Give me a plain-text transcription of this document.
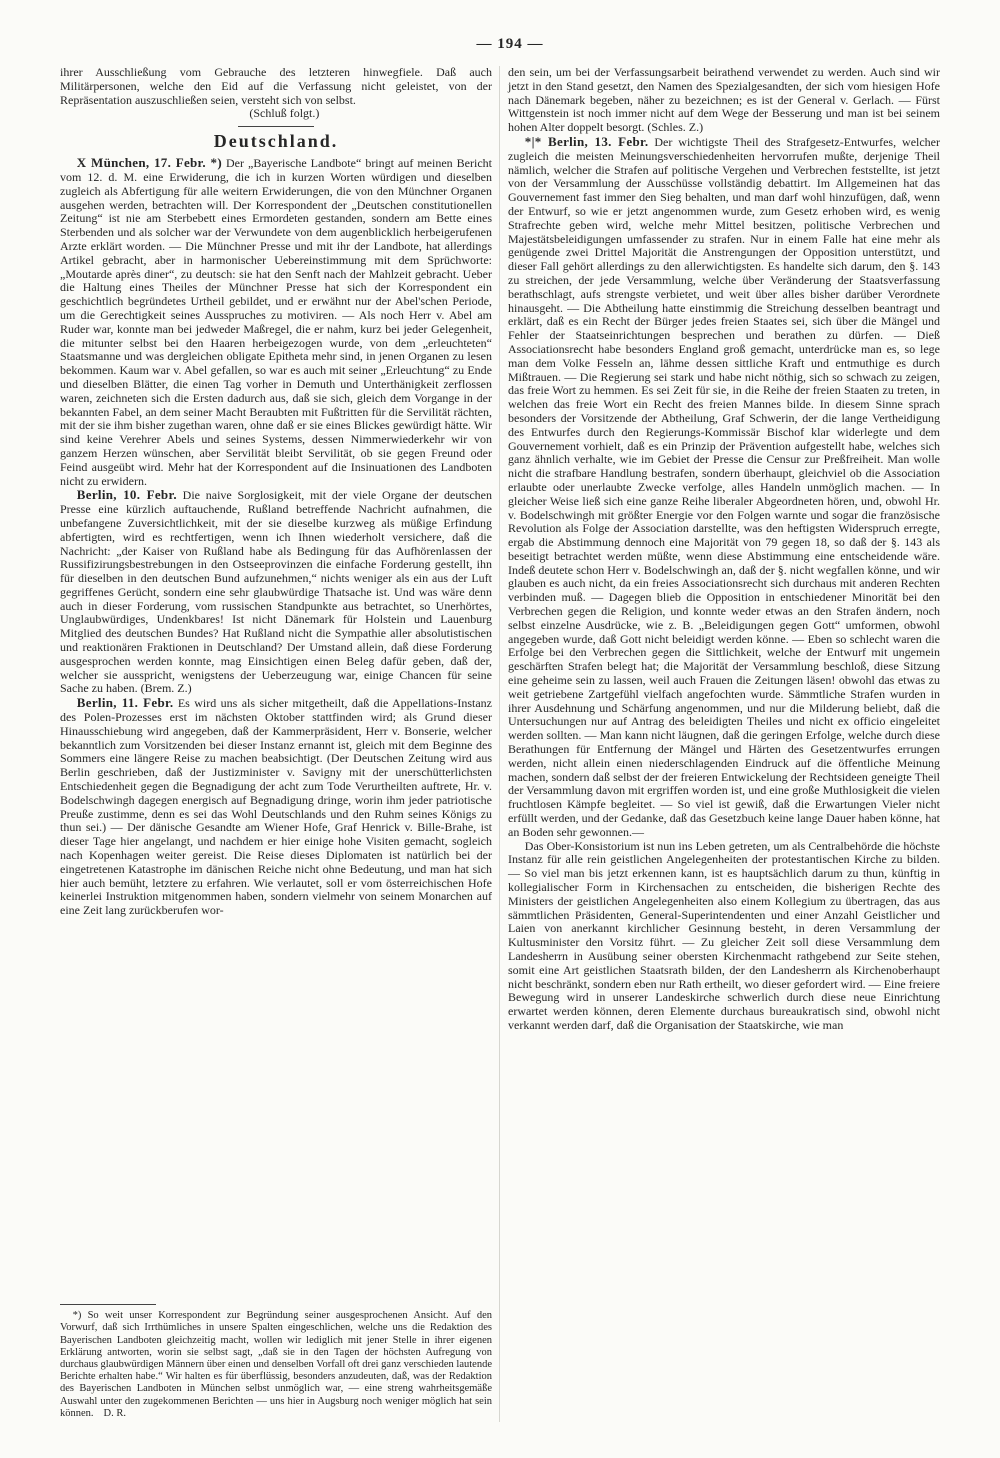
— 194 —

ihrer Ausschließung vom Gebrauche des letzteren hinwegfiele. Daß auch Militärpersonen, welche den Eid auf die Verfassung nicht geleistet, von der Repräsentation auszuschließen seien, versteht sich von selbst.

(Schluß folgt.)

Deutschland.

X München, 17. Febr. *) Der „Bayerische Landbote“ bringt auf meinen Bericht vom 12. d. M. eine Erwiderung, die ich in kurzen Worten würdigen und dieselben zugleich als Abfertigung für alle weitern Erwiderungen, die von den Münchner Organen ausgehen werden, betrachten will. Der Korrespondent der „Deutschen constitutionellen Zeitung“ ist nie am Sterbebett eines Ermordeten gestanden, sondern am Bette eines Sterbenden und als solcher war der Verwundete von dem augenblicklich herbeigerufenen Arzte erklärt worden. — Die Münchner Presse und mit ihr der Landbote, hat allerdings Artikel gebracht, aber in harmonischer Uebereinstimmung mit dem Sprüchworte: „Moutarde après diner“, zu deutsch: sie hat den Senft nach der Mahlzeit gebracht. Ueber die Haltung eines Theiles der Münchner Presse hat sich der Korrespondent ein geschichtlich begründetes Urtheil gebildet, und er erwähnt nur der Abel'schen Periode, um die Gerechtigkeit seines Ausspruches zu motiviren. — Als noch Herr v. Abel am Ruder war, konnte man bei jedweder Maßregel, die er nahm, kurz bei jeder Gelegenheit, die mitunter selbst bei den Haaren herbeigezogen wurde, von dem „erleuchteten“ Staatsmanne und was dergleichen obligate Epitheta mehr sind, in jenen Organen zu lesen bekommen. Kaum war v. Abel gefallen, so war es auch mit seiner „Erleuchtung“ zu Ende und dieselben Blätter, die einen Tag vorher in Demuth und Unterthänigkeit zerflossen waren, zeichneten sich die Ersten dadurch aus, daß sie sich, gleich dem Vorgange in der bekannten Fabel, an dem seiner Macht Beraubten mit Fußtritten für die Servilität rächten, mit der sie ihm bisher zugethan waren, ohne daß er sie eines Blickes gewürdigt hätte. Wir sind keine Verehrer Abels und seines Systems, dessen Nimmerwiederkehr wir von ganzem Herzen wünschen, aber Servilität bleibt Servilität, ob sie gegen Freund oder Feind ausgeübt wird. Mehr hat der Korrespondent auf die Insinuationen des Landboten nicht zu erwidern.

Berlin, 10. Febr. Die naive Sorglosigkeit, mit der viele Organe der deutschen Presse eine kürzlich auftauchende, Rußland betreffende Nachricht aufnahmen, die unbefangene Zuversichtlichkeit, mit der sie dieselbe kurzweg als müßige Erfindung abfertigten, wird es rechtfertigen, wenn ich Ihnen wiederholt versichere, daß die Nachricht: „der Kaiser von Rußland habe als Bedingung für das Aufhörenlassen der Russifizirungsbestrebungen in den Ostseeprovinzen die einfache Forderung gestellt, ihn für dieselben in den deutschen Bund aufzunehmen,“ nichts weniger als ein aus der Luft gegriffenes Gerücht, sondern eine sehr glaubwürdige Thatsache ist. Und was wäre denn auch in dieser Forderung, vom russischen Standpunkte aus betrachtet, so Unerhörtes, Unglaubwürdiges, Undenkbares! Ist nicht Dänemark für Holstein und Lauenburg Mitglied des deutschen Bundes? Hat Rußland nicht die Sympathie aller absolutistischen und reaktionären Fraktionen in Deutschland? Der Umstand allein, daß diese Forderung ausgesprochen werden konnte, mag Einsichtigen einen Beleg dafür geben, daß der, welcher sie ausspricht, wenigstens der Ueberzeugung war, einige Chancen für seine Sache zu haben. (Brem. Z.)

Berlin, 11. Febr. Es wird uns als sicher mitgetheilt, daß die Appellations-Instanz des Polen-Prozesses erst im nächsten Oktober stattfinden wird; als Grund dieser Hinausschiebung wird angegeben, daß der Kammerpräsident, Herr v. Bonserie, welcher bekanntlich zum Vorsitzenden bei dieser Instanz ernannt ist, gleich mit dem Beginne des Sommers eine längere Reise zu machen beabsichtigt. (Der Deutschen Zeitung wird aus Berlin geschrieben, daß der Justizminister v. Savigny mit der unerschütterlichsten Entschiedenheit gegen die Begnadigung der acht zum Tode Verurtheilten auftrete, Hr. v. Bodelschwingh dagegen energisch auf Begnadigung dringe, worin ihm jeder patriotische Preuße zustimme, denn es sei das Wohl Deutschlands und den Ruhm seines Königs zu thun sei.) — Der dänische Gesandte am Wiener Hofe, Graf Henrick v. Bille-Brahe, ist dieser Tage hier angelangt, und nachdem er hier einige hohe Visiten gemacht, sogleich nach Kopenhagen weiter gereist. Die Reise dieses Diplomaten ist natürlich bei der eingetretenen Katastrophe im dänischen Reiche nicht ohne Bedeutung, und man hat sich hier auch bemüht, letztere zu erfahren. Wie verlautet, soll er vom österreichischen Hofe keinerlei Instruktion mitgenommen haben, sondern vielmehr von seinem Monarchen auf eine Zeit lang zurückberufen wor-

*) So weit unser Korrespondent zur Begründung seiner ausgesprochenen Ansicht. Auf den Vorwurf, daß sich Irrthümliches in unsere Spalten eingeschlichen, welche uns die Redaktion des Bayerischen Landboten gleichzeitig macht, wollen wir lediglich mit jener Stelle in ihrer eigenen Erklärung antworten, worin sie selbst sagt, „daß sie in den Tagen der höchsten Aufregung von durchaus glaubwürdigen Männern über einen und denselben Vorfall oft drei ganz verschieden lautende Berichte erhalten habe.“ Wir halten es für überflüssig, besonders anzudeuten, daß, was der Redaktion des Bayerischen Landboten in München selbst unmöglich war, — eine streng wahrheitsgemäße Auswahl unter den zugekommenen Berichten — uns hier in Augsburg noch weniger möglich hat sein können. D. R.

den sein, um bei der Verfassungsarbeit beirathend verwendet zu werden. Auch sind wir jetzt in den Stand gesetzt, den Namen des Spezialgesandten, der sich vom hiesigen Hofe nach Dänemark begeben, näher zu bezeichnen; es ist der General v. Gerlach. — Fürst Wittgenstein ist noch immer nicht auf dem Wege der Besserung und man ist bei seinem hohen Alter doppelt besorgt. (Schles. Z.)

*|* Berlin, 13. Febr. Der wichtigste Theil des Strafgesetz-Entwurfes, welcher zugleich die meisten Meinungsverschiedenheiten hervorrufen mußte, derjenige Theil nämlich, welcher die Strafen auf politische Vergehen und Verbrechen feststellte, ist jetzt von der Versammlung der Ausschüsse vollständig debattirt. Im Allgemeinen hat das Gouvernement fast immer den Sieg behalten, und man darf wohl hinzufügen, daß, wenn der Entwurf, so wie er jetzt angenommen wurde, zum Gesetz erhoben wird, es wenig Strafrechte geben wird, welche mehr Mittel besitzen, politische Verbrechen und Majestätsbeleidigungen umfassender zu strafen. Nur in einem Falle hat eine mehr als genügende zwei Drittel Majorität die Anstrengungen der Opposition unterstützt, und dieser Fall gehört allerdings zu den allerwichtigsten. Es handelte sich darum, den §. 143 zu streichen, der jede Versammlung, welche über Veränderung der Staatsverfassung berathschlagt, aufs strengste verbietet, und weit über alles bisher darüber Verordnete hinausgeht. — Die Abtheilung hatte einstimmig die Streichung desselben beantragt und erklärt, daß es ein Recht der Bürger jedes freien Staates sei, sich über die Mängel und Fehler der Staatseinrichtungen besprechen und berathen zu dürfen. — Dieß Associationsrecht habe besonders England groß gemacht, unterdrücke man es, so lege man dem Volke Fesseln an, lähme dessen sittliche Kraft und entmuthige es durch Mißtrauen. — Die Regierung sei stark und habe nicht nöthig, sich so schwach zu zeigen, das freie Wort zu hemmen. Es sei Zeit für sie, in die Reihe der freien Staaten zu treten, in welchen das freie Wort ein Recht des freien Mannes bilde. In diesem Sinne sprach besonders der Vorsitzende der Abtheilung, Graf Schwerin, der die lange Vertheidigung des Entwurfes durch den Regierungs-Kommissär Bischof klar widerlegte und dem Gouvernement vorhielt, daß es ein Prinzip der Prävention aufgestellt habe, welches sich ganz ähnlich verhalte, wie im Gebiet der Presse die Censur zur Preßfreiheit. Man wolle nicht die strafbare Handlung bestrafen, sondern überhaupt, gleichviel ob die Association erlaubte oder unerlaubte Zwecke verfolge, alles Handeln unmöglich machen. — In gleicher Weise ließ sich eine ganze Reihe liberaler Abgeordneten hören, und, obwohl Hr. v. Bodelschwingh mit größter Energie vor den Folgen warnte und sogar die französische Revolution als Folge der Association darstellte, was den heftigsten Widerspruch erregte, ergab die Abstimmung dennoch eine Majorität von 79 gegen 18, so daß der §. 143 als beseitigt betrachtet werden müßte, wenn diese Abstimmung eine entscheidende wäre. Indeß deutete schon Herr v. Bodelschwingh an, daß der §. nicht wegfallen könne, und wir glauben es auch nicht, da ein freies Associationsrecht sich durchaus mit anderen Rechten verbinden muß. — Dagegen blieb die Opposition in entschiedener Minorität bei den Verbrechen gegen die Religion, und konnte weder etwas an den Strafen ändern, noch selbst einzelne Ausdrücke, wie z. B. „Beleidigungen gegen Gott“ umformen, obwohl angegeben wurde, daß Gott nicht beleidigt werden könne. — Eben so schlecht waren die Erfolge bei den Verbrechen gegen die Sittlichkeit, welche der Entwurf mit ungemein geschärften Strafen belegt hat; die Majorität der Versammlung beschloß, diese Sitzung eine geheime sein zu lassen, weil auch Frauen die Zeitungen läsen! obwohl das etwas zu weit getriebene Zartgefühl vielfach angefochten wurde. Sämmtliche Strafen wurden in ihrer Ausdehnung und Schärfung angenommen, und nur die Milderung beliebt, daß die Untersuchungen nur auf Antrag des beleidigten Theiles und nicht ex officio eingeleitet werden sollten. — Man kann nicht läugnen, daß die geringen Erfolge, welche durch diese Berathungen für Entfernung der Mängel und Härten des Gesetzentwurfes errungen werden, nicht allein einen niederschlagenden Eindruck auf die öffentliche Meinung machen, sondern daß selbst der der freieren Entwickelung der Rechtsideen geneigte Theil der Versammlung davon mit ergriffen worden ist, und eine große Muthlosigkeit die vielen fruchtlosen Kämpfe begleitet. — So viel ist gewiß, daß die Erwartungen Vieler nicht erfüllt werden, und der Gedanke, daß das Gesetzbuch keine lange Dauer haben könne, hat an Boden sehr gewonnen.—

Das Ober-Konsistorium ist nun ins Leben getreten, um als Centralbehörde die höchste Instanz für alle rein geistlichen Angelegenheiten der protestantischen Kirche zu bilden. — So viel man bis jetzt erkennen kann, ist es hauptsächlich darum zu thun, künftig in kollegialischer Form in Kirchensachen zu entscheiden, die bisherigen Rechte des Ministers der geistlichen Angelegenheiten also einem Kollegium zu übertragen, das aus sämmtlichen Präsidenten, General-Superintendenten und einer Anzahl Geistlicher und Laien von anerkannt kirchlicher Gesinnung besteht, in deren Versammlung der Kultusminister den Vorsitz führt. — Zu gleicher Zeit soll diese Versammlung dem Landesherrn in Ausübung seiner obersten Kirchenmacht rathgebend zur Seite stehen, somit eine Art geistlichen Staatsrath bilden, der den Landesherrn als Kirchenoberhaupt nicht beschränkt, sondern eben nur Rath ertheilt, wo dieser gefordert wird. — Eine freiere Bewegung wird in unserer Landeskirche schwerlich durch diese neue Einrichtung erwartet werden können, deren Elemente durchaus bureaukratisch sind, obwohl nicht verkannt werden darf, daß die Organisation der Staatskirche, wie man
